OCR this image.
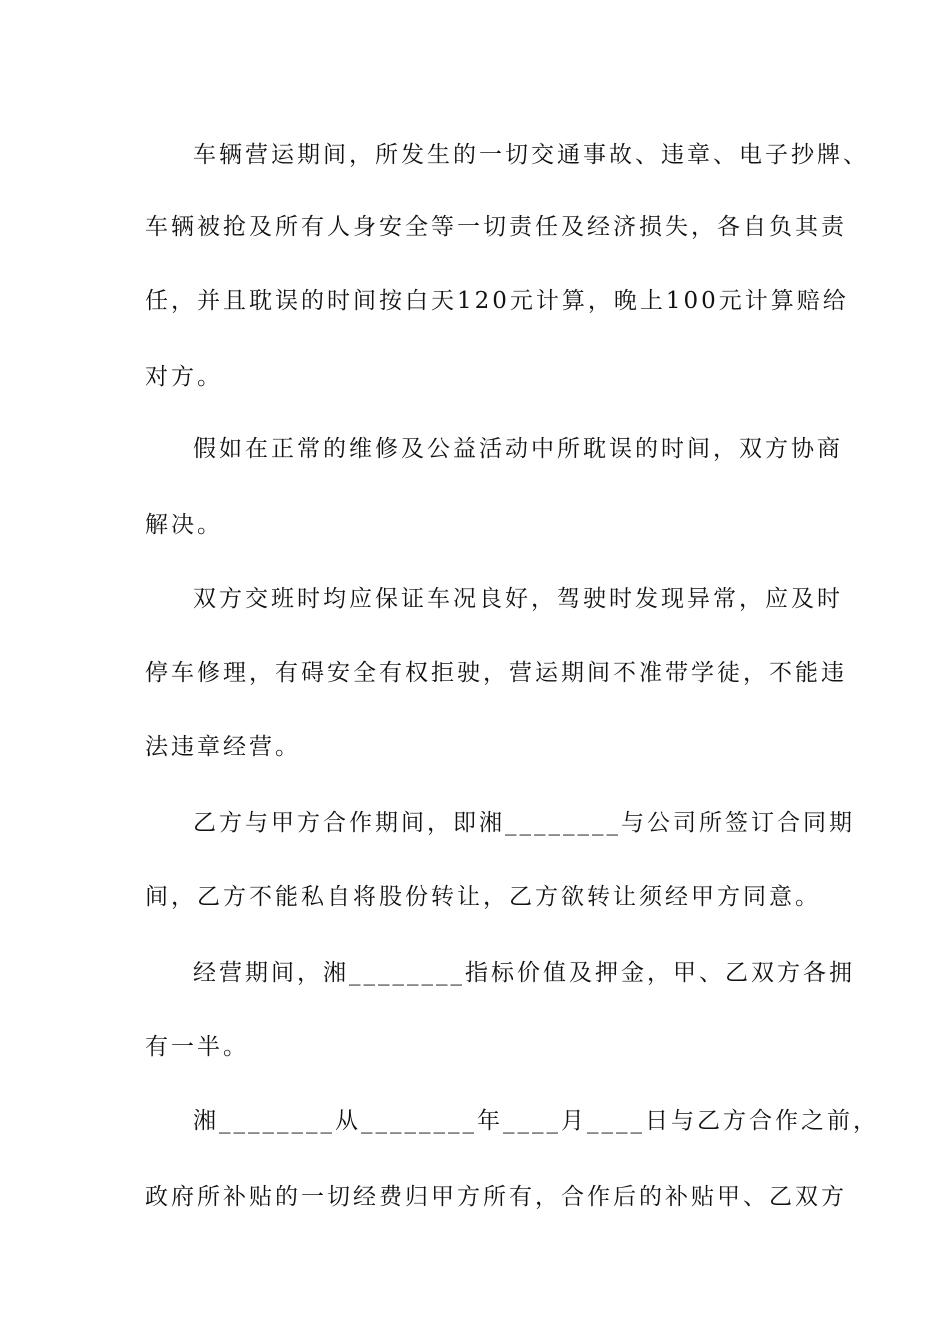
车辆营运期间，所发生的一切交通事故、违章、电子抄牌、
车辆被抢及所有人身安全等一切责任及经济损失，各自负其责
任，并且耽误的时间按白天120元计算，晚上100元计算赔给
对方。
假如在正常的维修及公益活动中所耽误的时间，双方协商
解决。
双方交班时均应保证车况良好，驾驶时发现异常，应及时
停车修理，有碍安全有权拒驶，营运期间不准带学徒，不能违
法违章经营。
乙方与甲方合作期间，即湘________与公司所签订合同期
间，乙方不能私自将股份转让，乙方欲转让须经甲方同意。
经营期间，湘________指标价值及押金，甲、乙双方各拥
有一半。
湘________从________年____月____日与乙方合作之前，
政府所补贴的一切经费归甲方所有，合作后的补贴甲、乙双方
